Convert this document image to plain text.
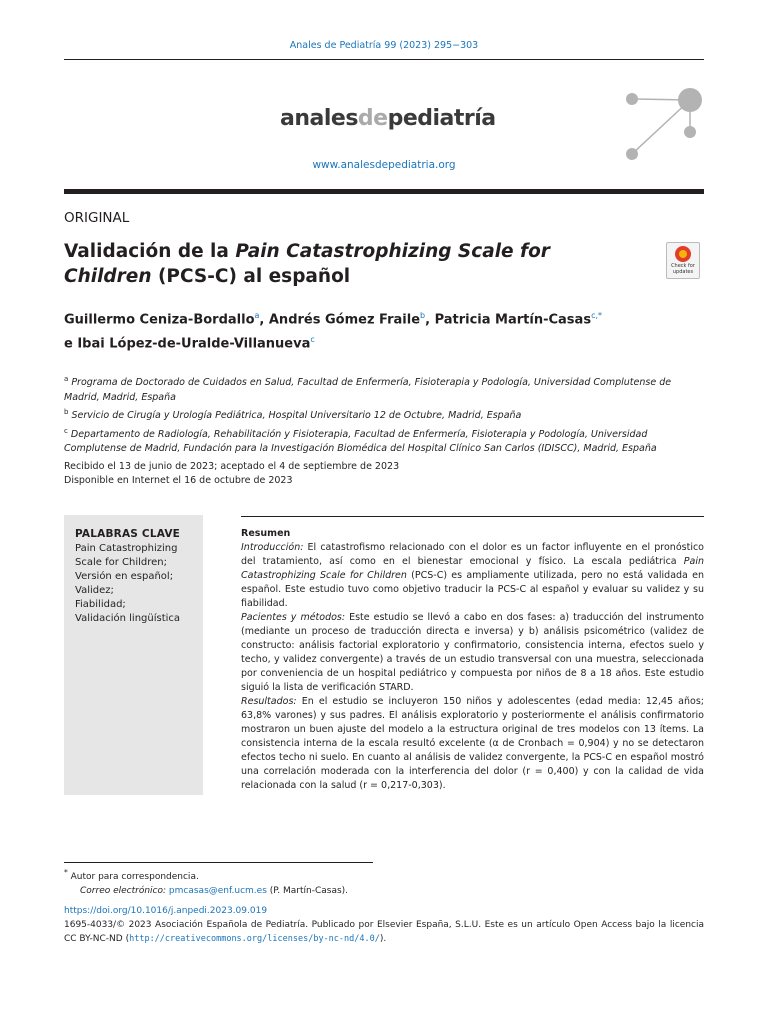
Anales de Pediatría 99 (2023) 295−303
analesdepediatría
www.analesdepediatria.org
ORIGINAL
Validación de la Pain Catastrophizing Scale for
Children (PCS-C) al español	Check for
updates
Guillermo Ceniza-Bordallo$^a$, Andrés Gómez Fraile$^b$, Patricia Martín-Casas$^{c,*}$
e Ibai López-de-Uralde-Villanueva$^c$
$^a$ Programa de Doctorado de Cuidados en Salud, Facultad de Enfermería, Fisioterapia y Podología, Universidad Complutense de Madrid, Madrid, España
$^b$ Servicio de Cirugía y Urología Pediátrica, Hospital Universitario 12 de Octubre, Madrid, España
$^c$ Departamento de Radiología, Rehabilitación y Fisioterapia, Facultad de Enfermería, Fisioterapia y Podología, Universidad Complutense de Madrid, Fundación para la Investigación Biomédica del Hospital Clínico San Carlos (IDISCC), Madrid, España
Recibido el 13 de junio de 2023; aceptado el 4 de septiembre de 2023
Disponible en Internet el 16 de octubre de 2023
PALABRAS CLAVE
Pain Catastrophizing
Scale for Children;
Versión en español;
Validez;
Fiabilidad;
Validación lingüística
Resumen
Introducción: El catastrofismo relacionado con el dolor es un factor influyente en el pronóstico del tratamiento, así como en el bienestar emocional y físico. La escala pediátrica Pain Catastrophizing Scale for Children (PCS-C) es ampliamente utilizada, pero no está validada en español. Este estudio tuvo como objetivo traducir la PCS-C al español y evaluar su validez y su fiabilidad.
Pacientes y métodos: Este estudio se llevó a cabo en dos fases: a) traducción del instrumento (mediante un proceso de traducción directa e inversa) y b) análisis psicométrico (validez de constructo: análisis factorial exploratorio y confirmatorio, consistencia interna, efectos suelo y techo, y validez convergente) a través de un estudio transversal con una muestra, seleccionada por conveniencia de un hospital pediátrico y compuesta por niños de 8 a 18 años. Este estudio siguió la lista de verificación STARD.
Resultados: En el estudio se incluyeron 150 niños y adolescentes (edad media: 12,45 años; 63,8% varones) y sus padres. El análisis exploratorio y posteriormente el análisis confirmatorio mostraron un buen ajuste del modelo a la estructura original de tres modelos con 13 ítems. La consistencia interna de la escala resultó excelente (α de Cronbach = 0,904) y no se detectaron efectos techo ni suelo. En cuanto al análisis de validez convergente, la PCS-C en español mostró una correlación moderada con la interferencia del dolor (r = 0,400) y con la calidad de vida relacionada con la salud (r = 0,217-0,303).
* Autor para correspondencia.
Correo electrónico: pmcasas@enf.ucm.es (P. Martín-Casas).
https://doi.org/10.1016/j.anpedi.2023.09.019
1695-4033/© 2023 Asociación Española de Pediatría. Publicado por Elsevier España, S.L.U. Este es un artículo Open Access bajo la licencia CC BY-NC-ND (http://creativecommons.org/licenses/by-nc-nd/4.0/).
